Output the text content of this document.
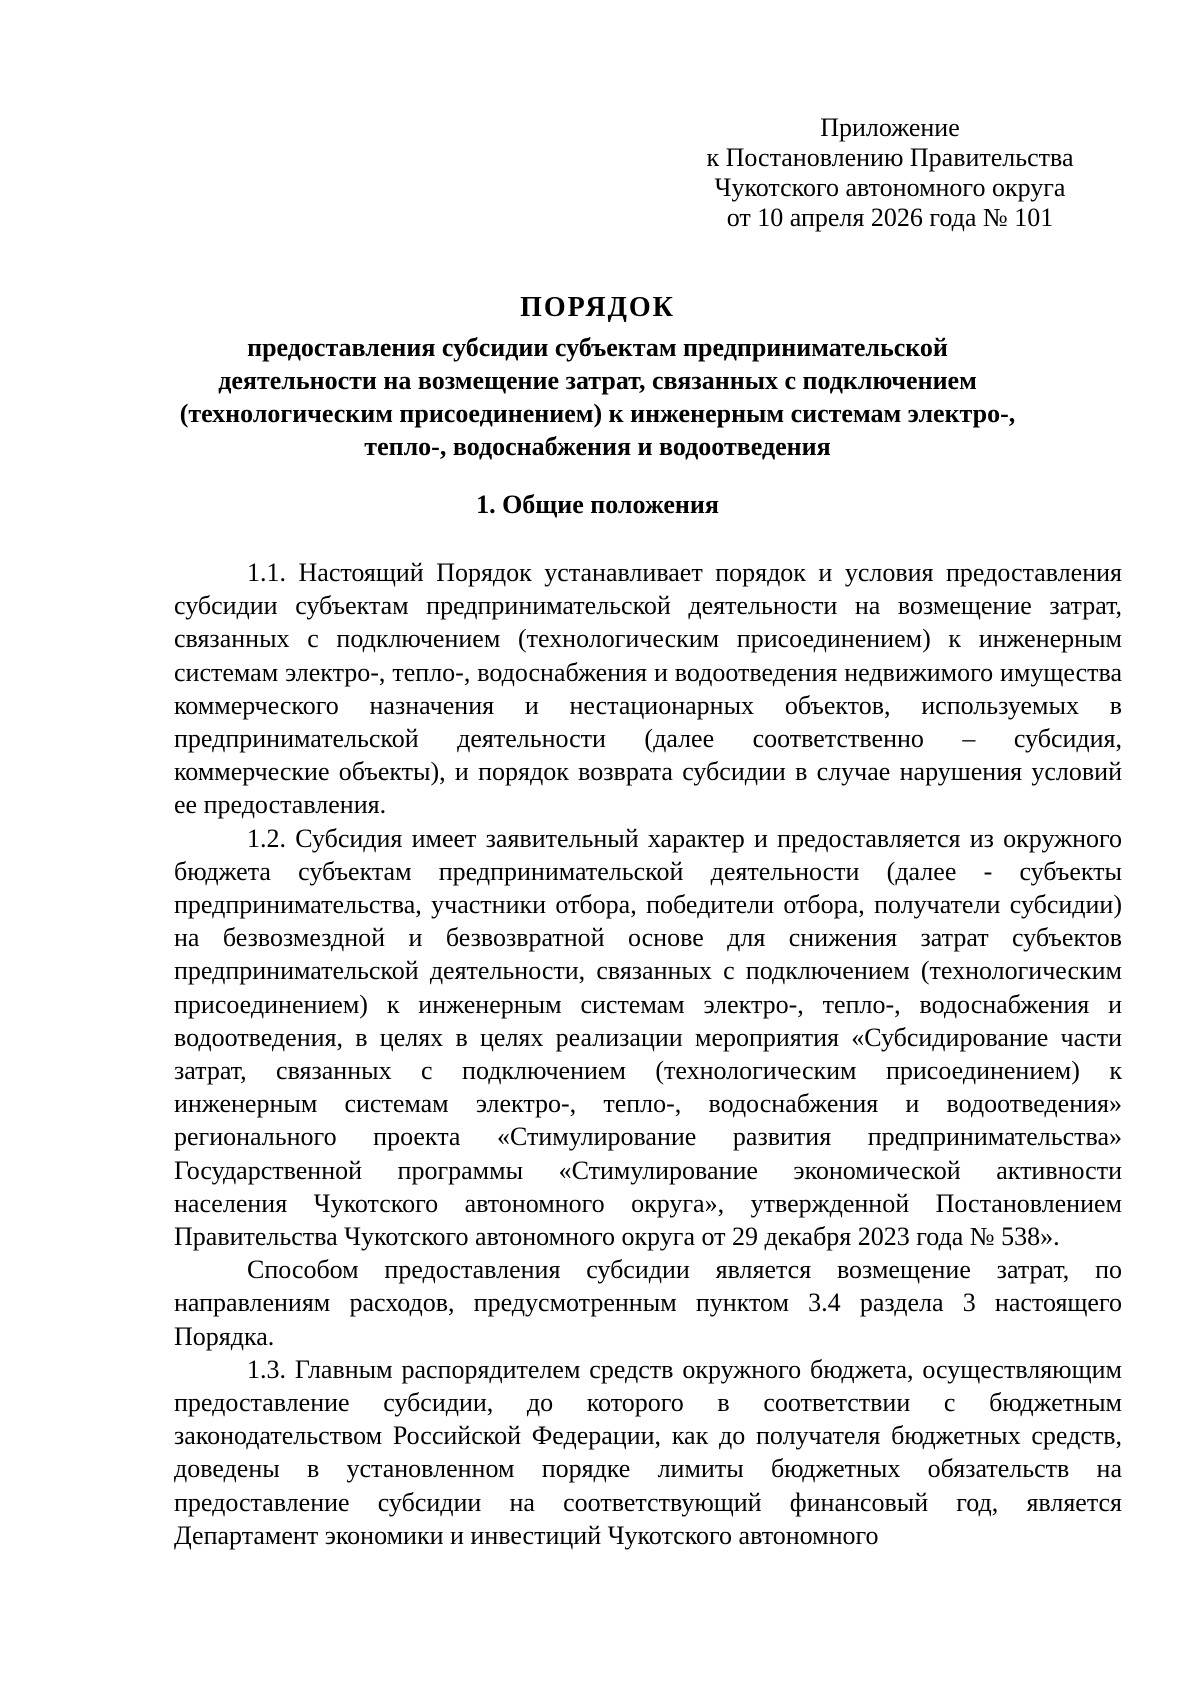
Приложение
к Постановлению Правительства
Чукотского автономного округа
от 10 апреля 2026 года № 101
ПОРЯДОК
предоставления субсидии субъектам предпринимательской
деятельности на возмещение затрат, связанных с подключением
(технологическим присоединением) к инженерным системам электро-,
тепло-, водоснабжения и водоотведения
1. Общие положения

1.1. Настоящий Порядок устанавливает порядок и условия предоставления субсидии субъектам предпринимательской деятельности на возмещение затрат, связанных с подключением (технологическим присоединением) к инженерным системам электро-, тепло-, водоснабжения и водоотведения недвижимого имущества коммерческого назначения и нестационарных объектов, используемых в предпринимательской деятельности (далее соответственно – субсидия, коммерческие объекты), и порядок возврата субсидии в случае нарушения условий ее предоставления.

1.2. Субсидия имеет заявительный характер и предоставляется из окружного бюджета субъектам предпринимательской деятельности (далее - субъекты предпринимательства, участники отбора, победители отбора, получатели субсидии) на безвозмездной и безвозвратной основе для снижения затрат субъектов предпринимательской деятельности, связанных с подключением (технологическим присоединением) к инженерным системам электро-, тепло-, водоснабжения и водоотведения, в целях в целях реализации мероприятия «Субсидирование части затрат, связанных с подключением (технологическим присоединением) к инженерным системам электро-, тепло-, водоснабжения и водоотведения» регионального проекта «Стимулирование развития предпринимательства» Государственной программы «Стимулирование экономической активности населения Чукотского автономного округа», утвержденной Постановлением Правительства Чукотского автономного округа от 29 декабря 2023 года № 538».

Способом предоставления субсидии является возмещение затрат, по направлениям расходов, предусмотренным пунктом 3.4 раздела 3 настоящего Порядка.

1.3. Главным распорядителем средств окружного бюджета, осуществляющим предоставление субсидии, до которого в соответствии с бюджетным законодательством Российской Федерации, как до получателя бюджетных средств, доведены в установленном порядке лимиты бюджетных обязательств на предоставление субсидии на соответствующий финансовый год, является Департамент экономики и инвестиций Чукотского автономного
